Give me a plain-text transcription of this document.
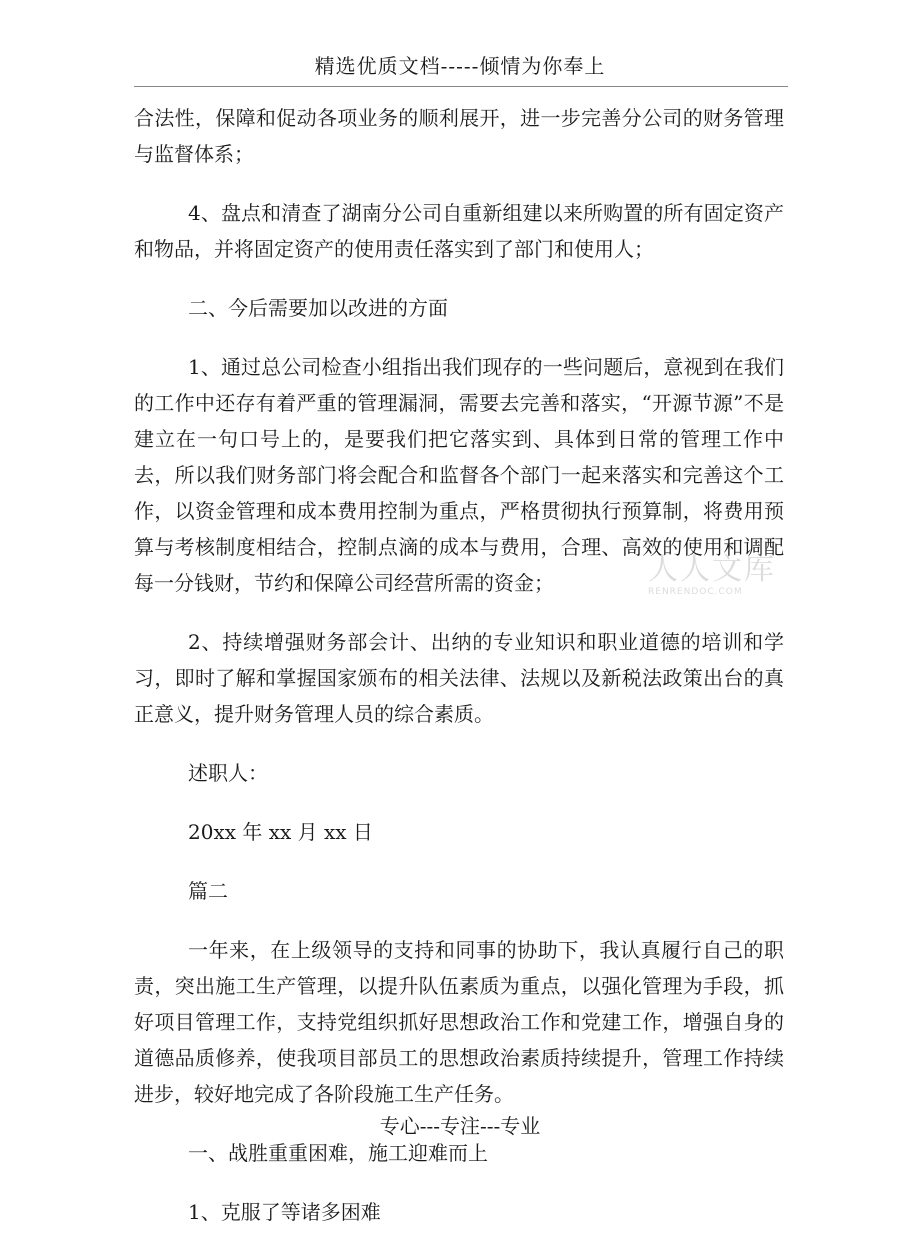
精选优质文档-----倾情为你奉上

合法性，保障和促动各项业务的顺利展开，进一步完善分公司的财务管理与监督体系；

4、盘点和清查了湖南分公司自重新组建以来所购置的所有固定资产和物品，并将固定资产的使用责任落实到了部门和使用人；

二、今后需要加以改进的方面

1、通过总公司检查小组指出我们现存的一些问题后，意视到在我们的工作中还存有着严重的管理漏洞，需要去完善和落实，“开源节源”不是建立在一句口号上的，是要我们把它落实到、具体到日常的管理工作中去，所以我们财务部门将会配合和监督各个部门一起来落实和完善这个工作，以资金管理和成本费用控制为重点，严格贯彻执行预算制，将费用预算与考核制度相结合，控制点滴的成本与费用，合理、高效的使用和调配每一分钱财，节约和保障公司经营所需的资金；

2、持续增强财务部会计、出纳的专业知识和职业道德的培训和学习，即时了解和掌握国家颁布的相关法律、法规以及新税法政策出台的真正意义，提升财务管理人员的综合素质。

述职人：

20xx 年 xx 月 xx 日

篇二

一年来，在上级领导的支持和同事的协助下，我认真履行自己的职责，突出施工生产管理，以提升队伍素质为重点，以强化管理为手段，抓好项目管理工作，支持党组织抓好思想政治工作和党建工作，增强自身的道德品质修养，使我项目部员工的思想政治素质持续提升，管理工作持续进步，较好地完成了各阶段施工生产任务。

一、战胜重重困难，施工迎难而上

1、克服了等诸多困难

人人文库
RENRENDOC.COM
专心---专注---专业
